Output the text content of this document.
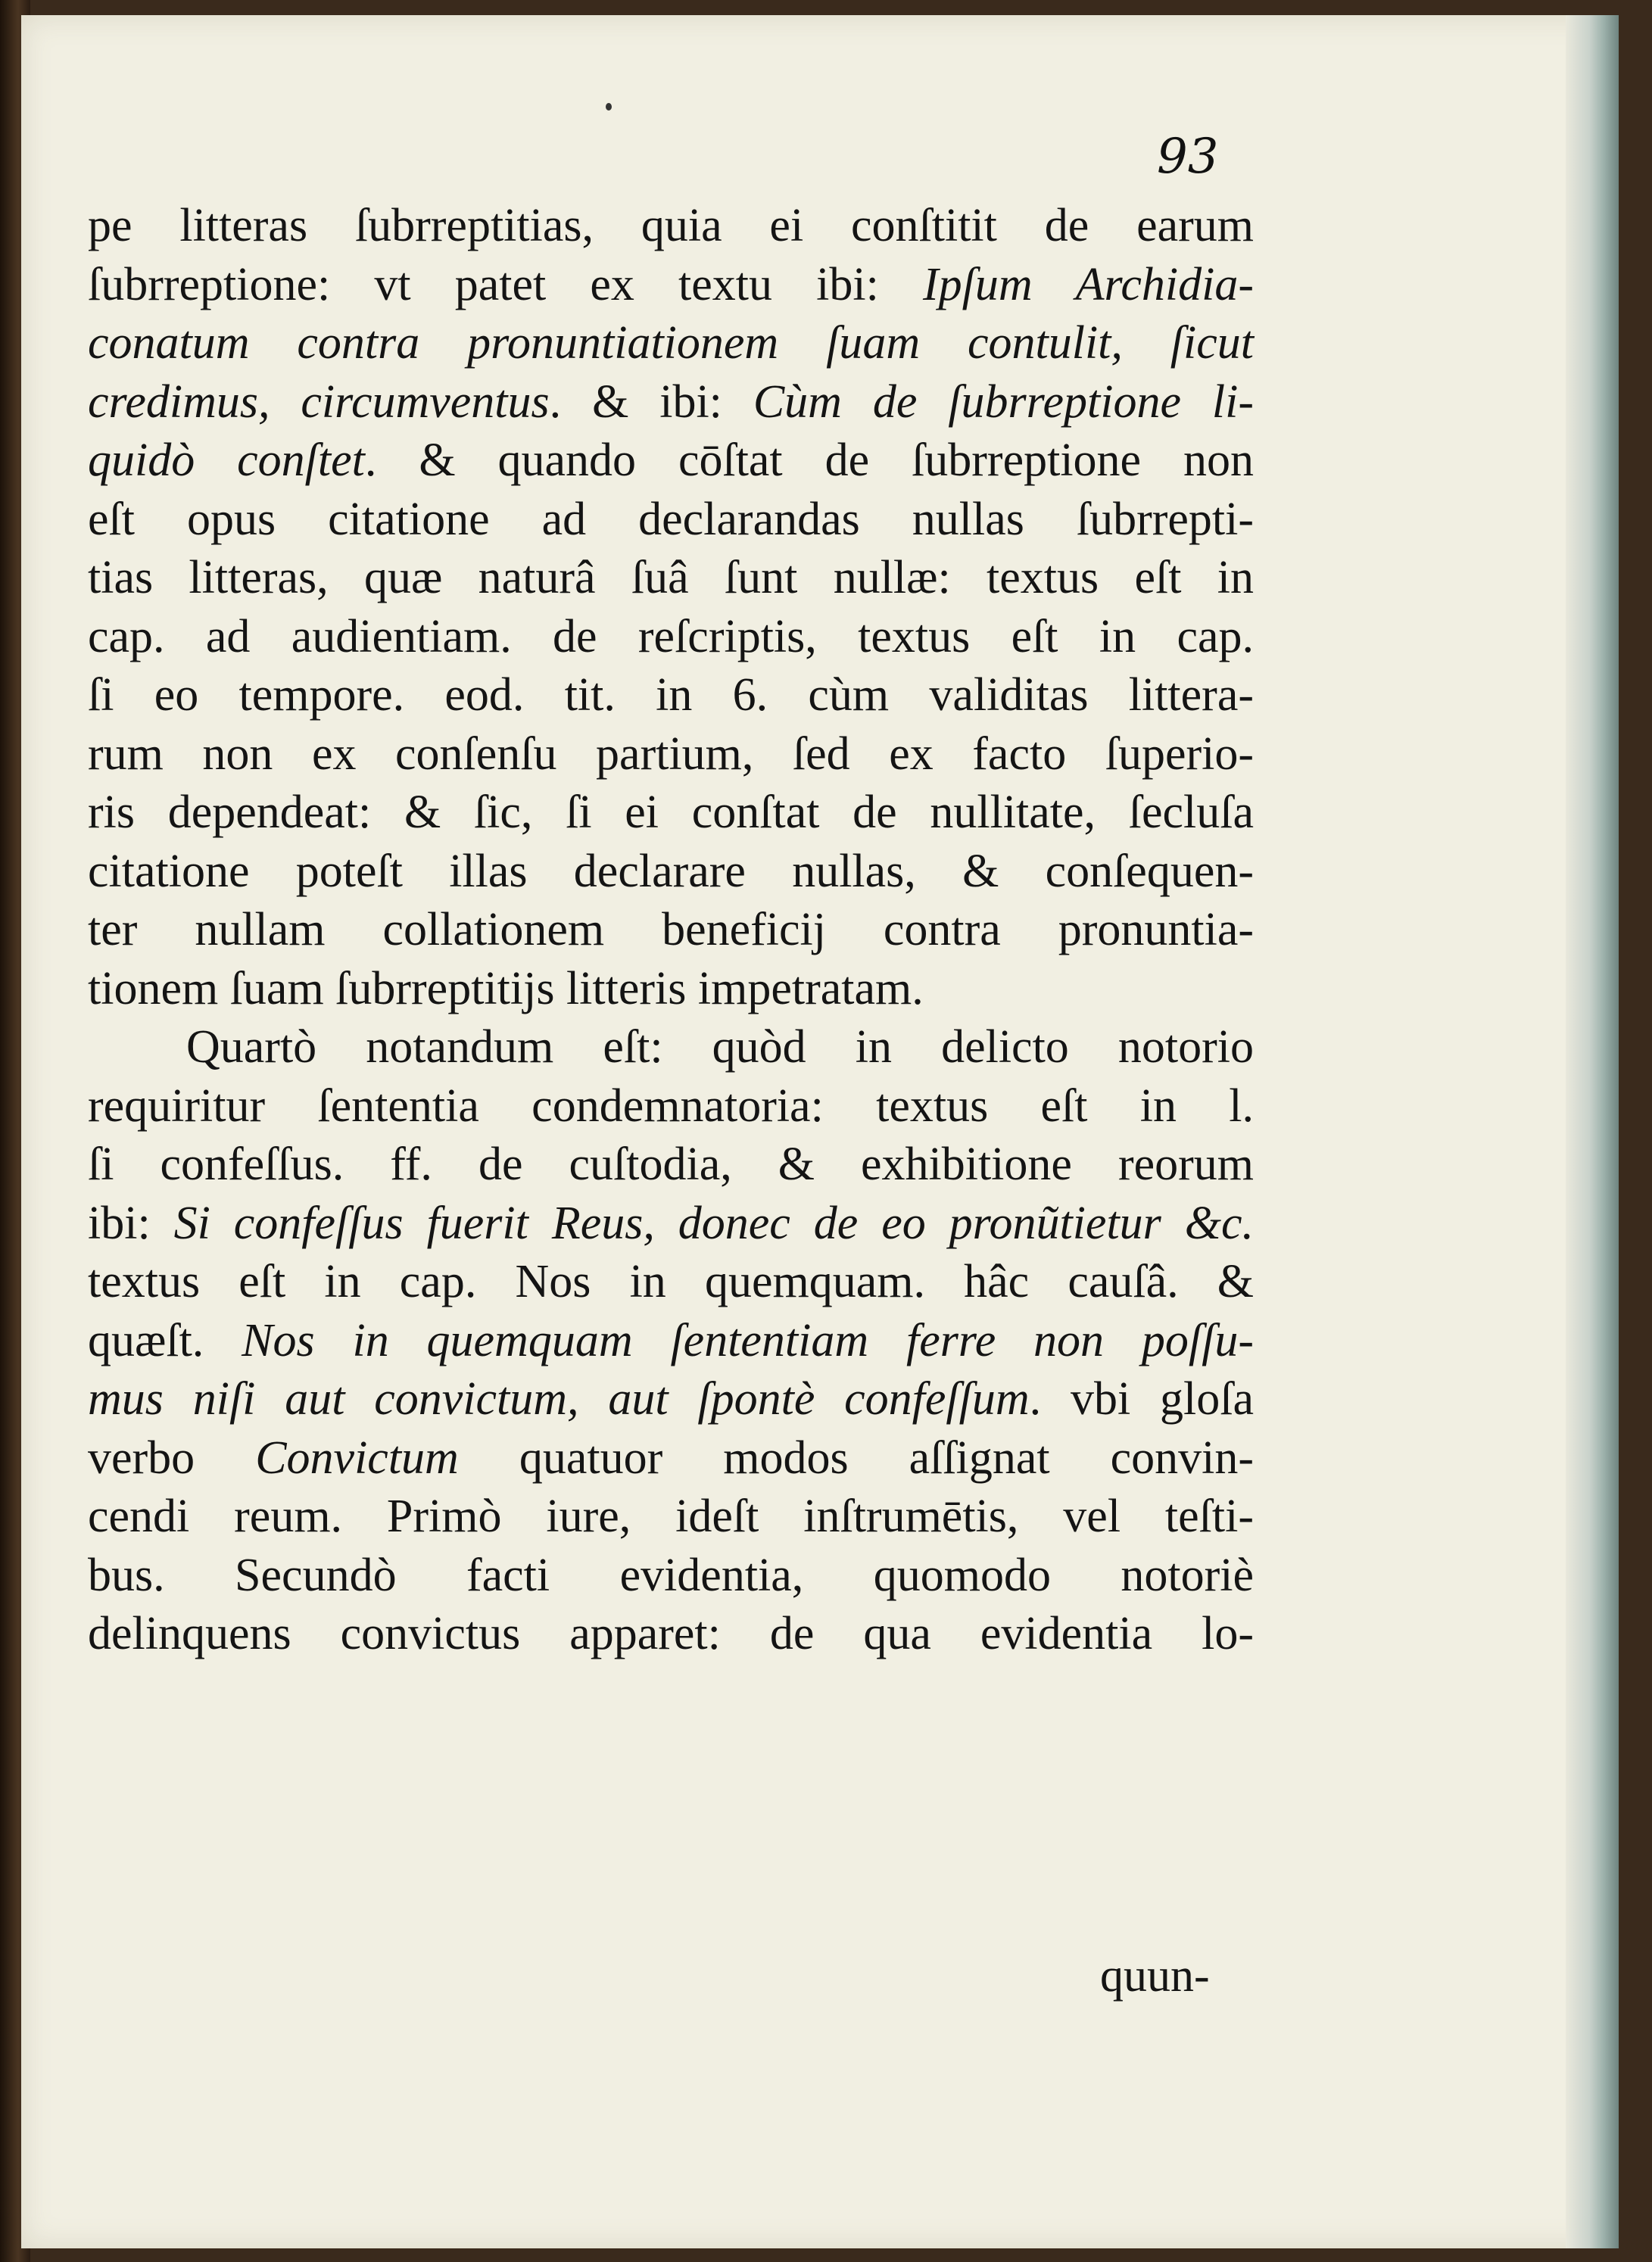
93
pe litteras ſubrreptitias, quia ei conſtitit de earum
ſubrreptione: vt patet ex textu ibi: Ipſum Archidia-
conatum contra pronuntiationem ſuam contulit, ſicut
credimus, circumventus. & ibi: Cùm de ſubrreptione li-
quidò conſtet. & quando cōſtat de ſubrreptione non
eſt opus citatione ad declarandas nullas ſubrrepti-
tias litteras, quæ naturâ ſuâ ſunt nullæ: textus eſt in
cap. ad audientiam. de reſcriptis, textus eſt in cap.
ſi eo tempore. eod. tit. in 6. cùm validitas littera-
rum non ex conſenſu partium, ſed ex facto ſuperio-
ris dependeat: & ſic, ſi ei conſtat de nullitate, ſecluſa
citatione poteſt illas declarare nullas, & conſequen-
ter nullam collationem beneficij contra pronuntia-
tionem ſuam ſubrreptitijs litteris impetratam.
Quartò notandum eſt: quòd in delicto notorio
requiritur ſententia condemnatoria: textus eſt in l.
ſi confeſſus. ff. de cuſtodia, & exhibitione reorum
ibi: Si confeſſus fuerit Reus, donec de eo pronũtietur &c.
textus eſt in cap. Nos in quemquam. hâc cauſâ. &
quæſt. Nos in quemquam ſententiam ferre non poſſu-
mus niſi aut convictum, aut ſpontè confeſſum. vbi gloſa
verbo Convictum quatuor modos aſſignat convin-
cendi reum. Primò iure, ideſt inſtrumētis, vel teſti-
bus. Secundò facti evidentia, quomodo notoriè
delinquens convictus apparet: de qua evidentia lo-
quun-
